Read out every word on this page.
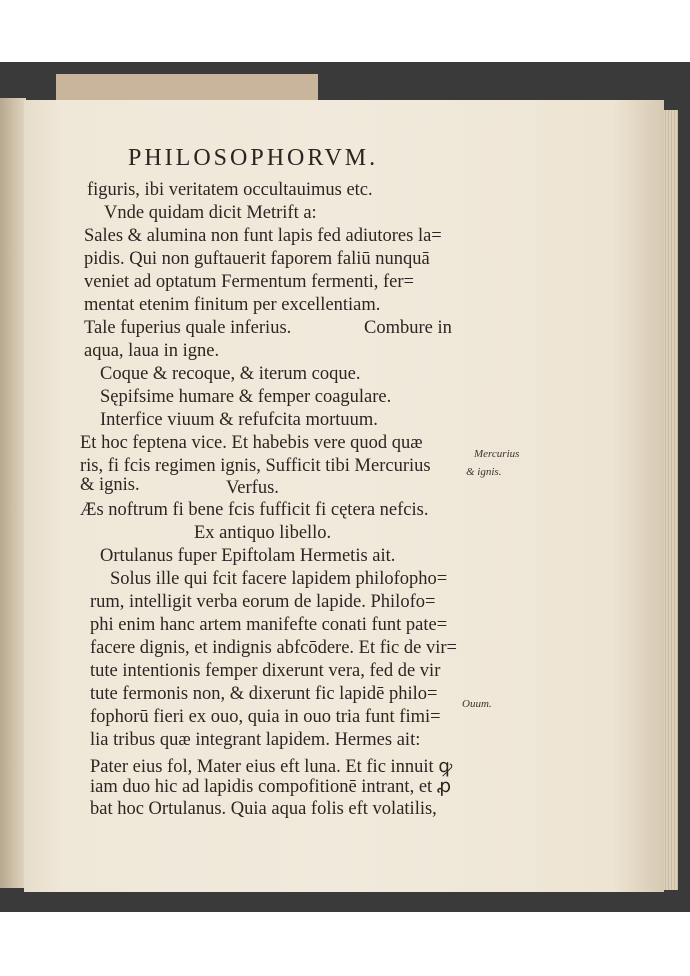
PHILOSOPHORVM.
figuris, ibi veritatem occultauimus etc.
Vnde quidam dicit Metrift a:
Sales & alumina non funt lapis fed adiutores la=
pidis. Qui non guftauerit faporem faliū nunquā
veniet ad optatum Fermentum fermenti, fer=
mentat etenim finitum per excellentiam.
Tale fuperius quale inferius.	Combure in
aqua, laua in igne.
Coque & recoque, & iterum coque.
Sępifsime humare & femper coagulare.
Interfice viuum & refufcita mortuum.
Et hoc feptena vice. Et habebis vere quod quæ
ris, fi fcis regimen ignis, Sufficit tibi Mercurius
& ignis.	Verfus.
Æs noftrum fi bene fcis fufficit fi cętera nefcis.
Ex antiquo libello.
Ortulanus fuper Epiftolam Hermetis ait.
Solus ille qui fcit facere lapidem philofopho=
rum, intelligit verba eorum de lapide. Philofo=
phi enim hanc artem manifefte conati funt pate=
facere dignis, et indignis abfcōdere. Et fic de vir=
tute intentionis femper dixerunt vera, fed de vir
tute fermonis non, & dixerunt fic lapidē philo=
fophorū fieri ex ouo, quia in ouo tria funt fimi=
lia tribus quæ integrant lapidem. Hermes ait:
Pater eius fol, Mater eius eft luna. Et fic innuit ꝙ
iam duo hic ad lapidis compofitionē intrant, et ꝓ
bat hoc Ortulanus. Quia aqua folis eft volatilis,
Mercurius
& ignis.
Ouum.
